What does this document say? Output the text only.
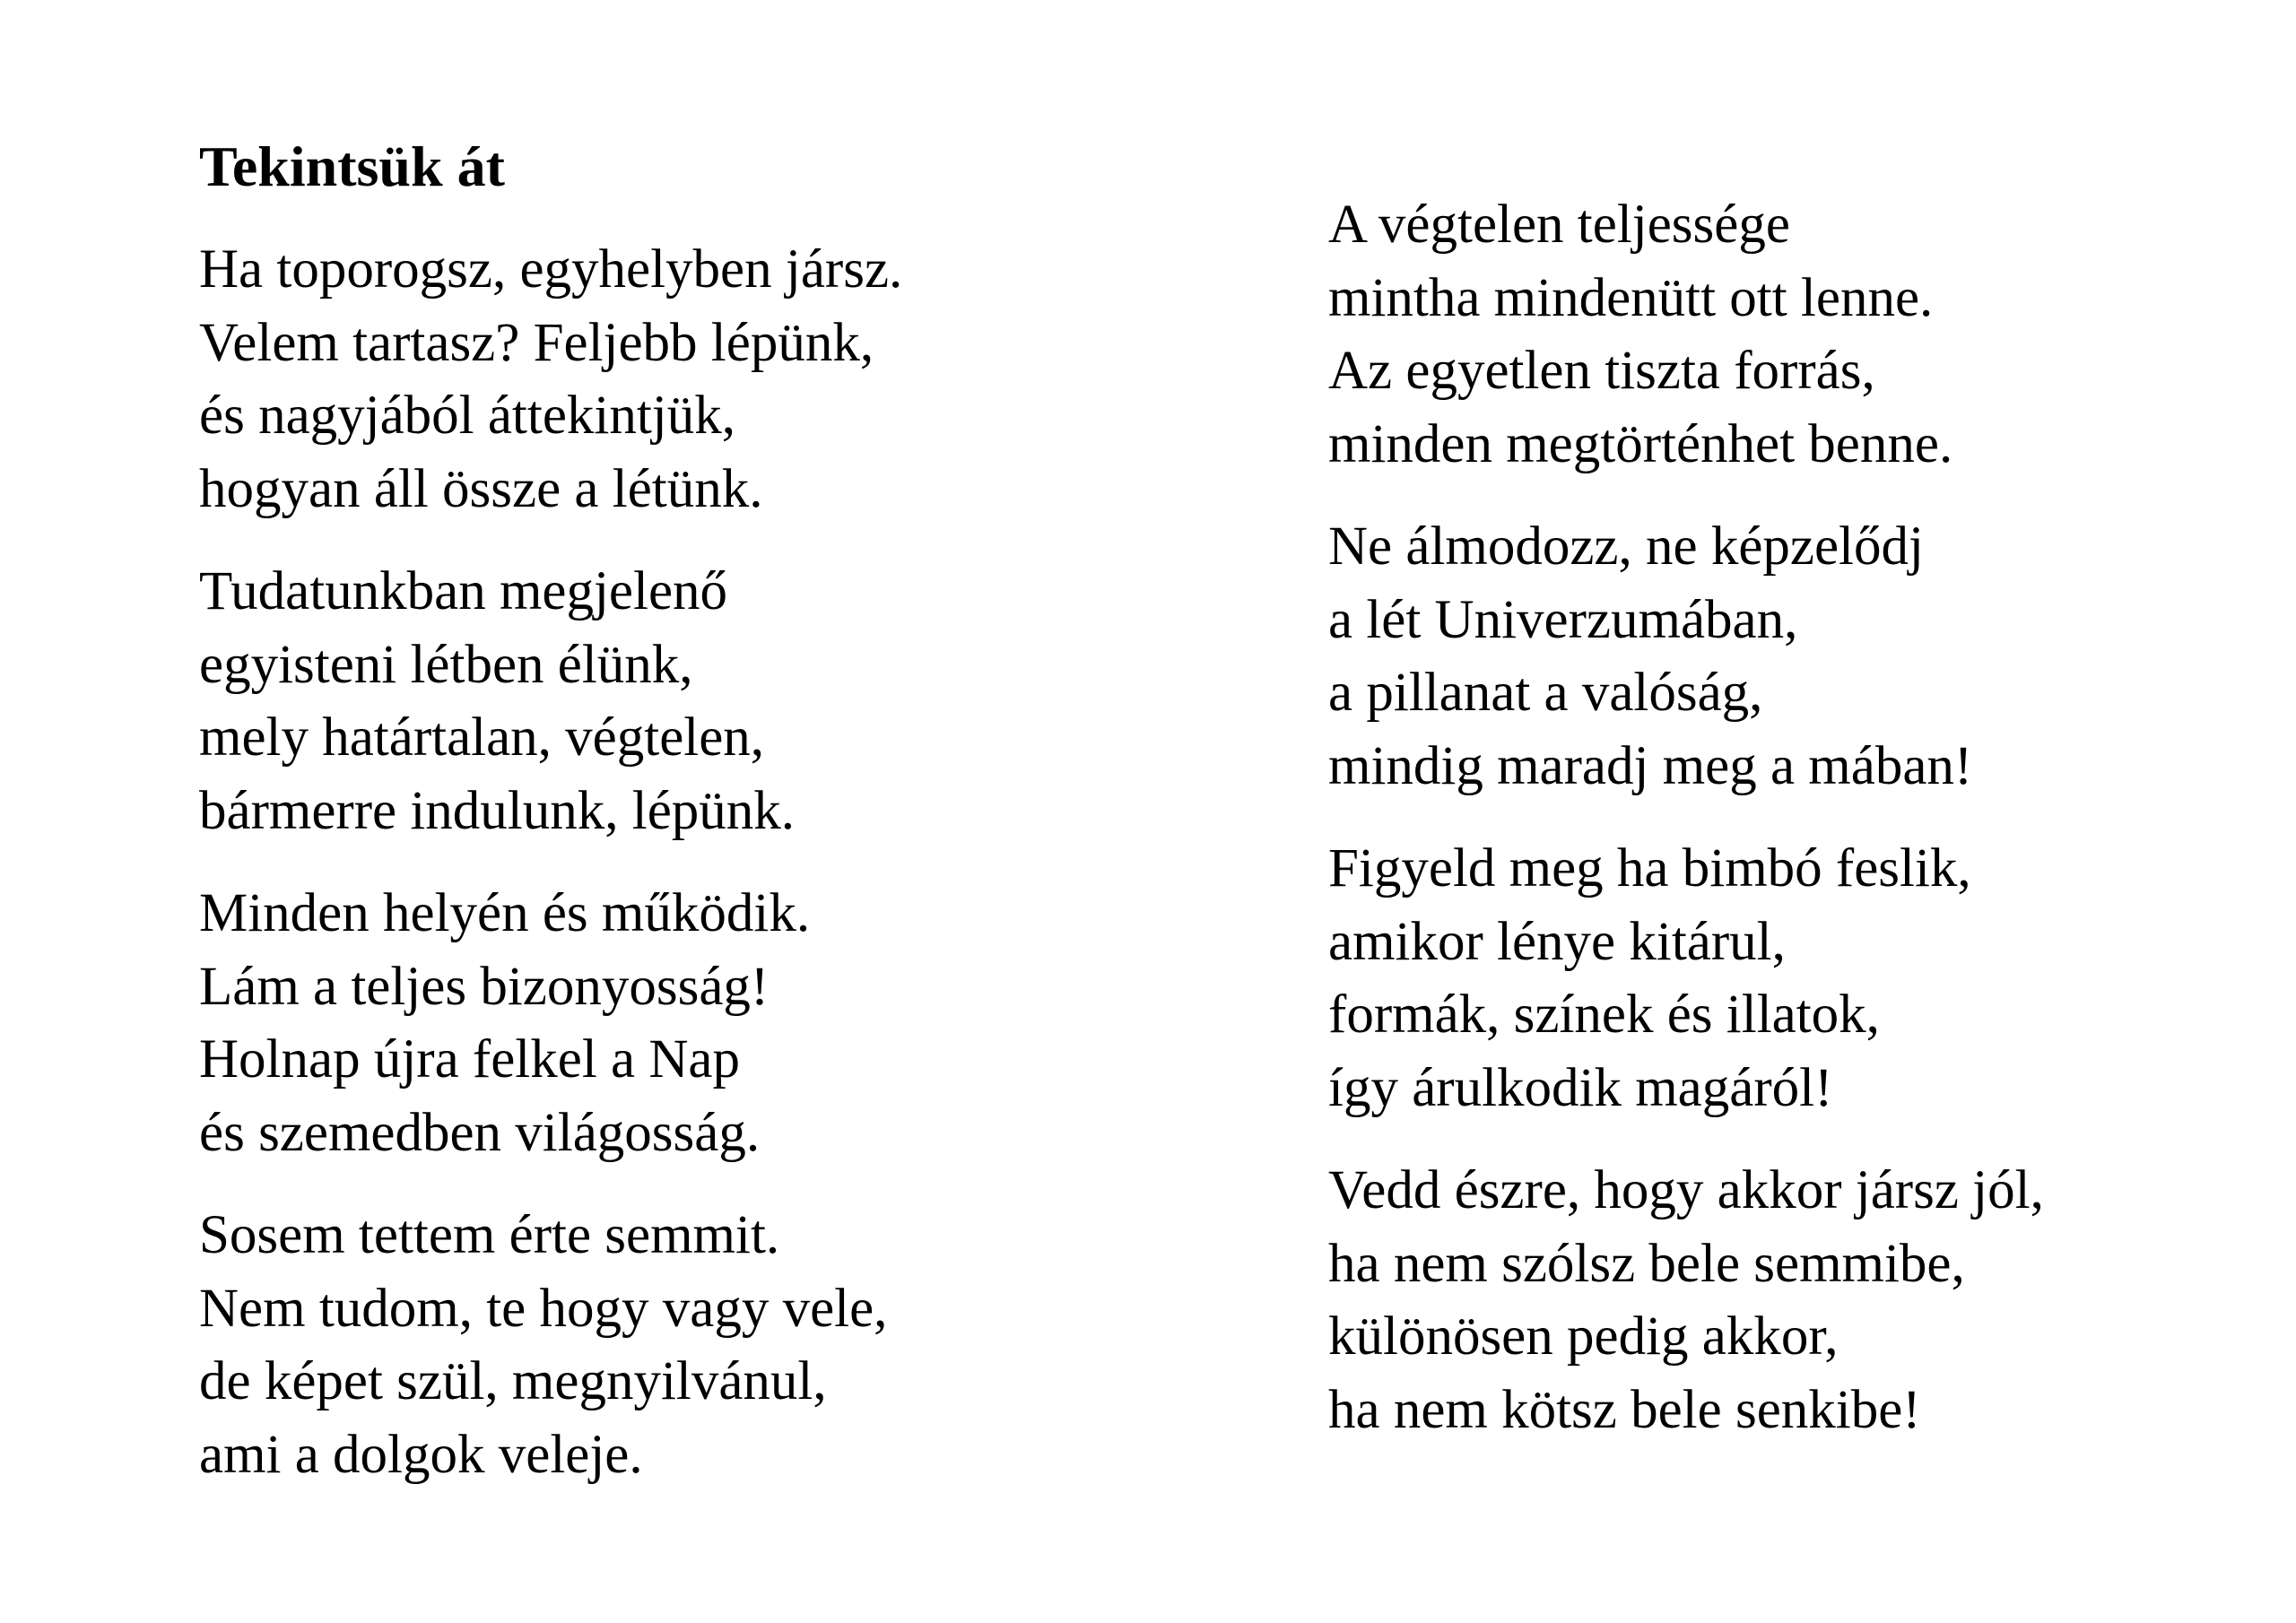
Tekintsük át
Ha toporogsz, egyhelyben jársz.
Velem tartasz? Feljebb lépünk,
és nagyjából áttekintjük,
hogyan áll össze a létünk.
Tudatunkban megjelenő
egyisteni létben élünk,
mely határtalan, végtelen,
bármerre indulunk, lépünk.
Minden helyén és működik.
Lám a teljes bizonyosság!
Holnap újra felkel a Nap
és szemedben világosság.
Sosem tettem érte semmit.
Nem tudom, te hogy vagy vele,
de képet szül, megnyilvánul,
ami a dolgok veleje.
A végtelen teljessége
mintha mindenütt ott lenne.
Az egyetlen tiszta forrás,
minden megtörténhet benne.
Ne álmodozz, ne képzelődj
a lét Univerzumában,
a pillanat a valóság,
mindig maradj meg a mában!
Figyeld meg ha bimbó feslik,
amikor lénye kitárul,
formák, színek és illatok,
így árulkodik magáról!
Vedd észre, hogy akkor jársz jól,
ha nem szólsz bele semmibe,
különösen pedig akkor,
ha nem kötsz bele senkibe!
